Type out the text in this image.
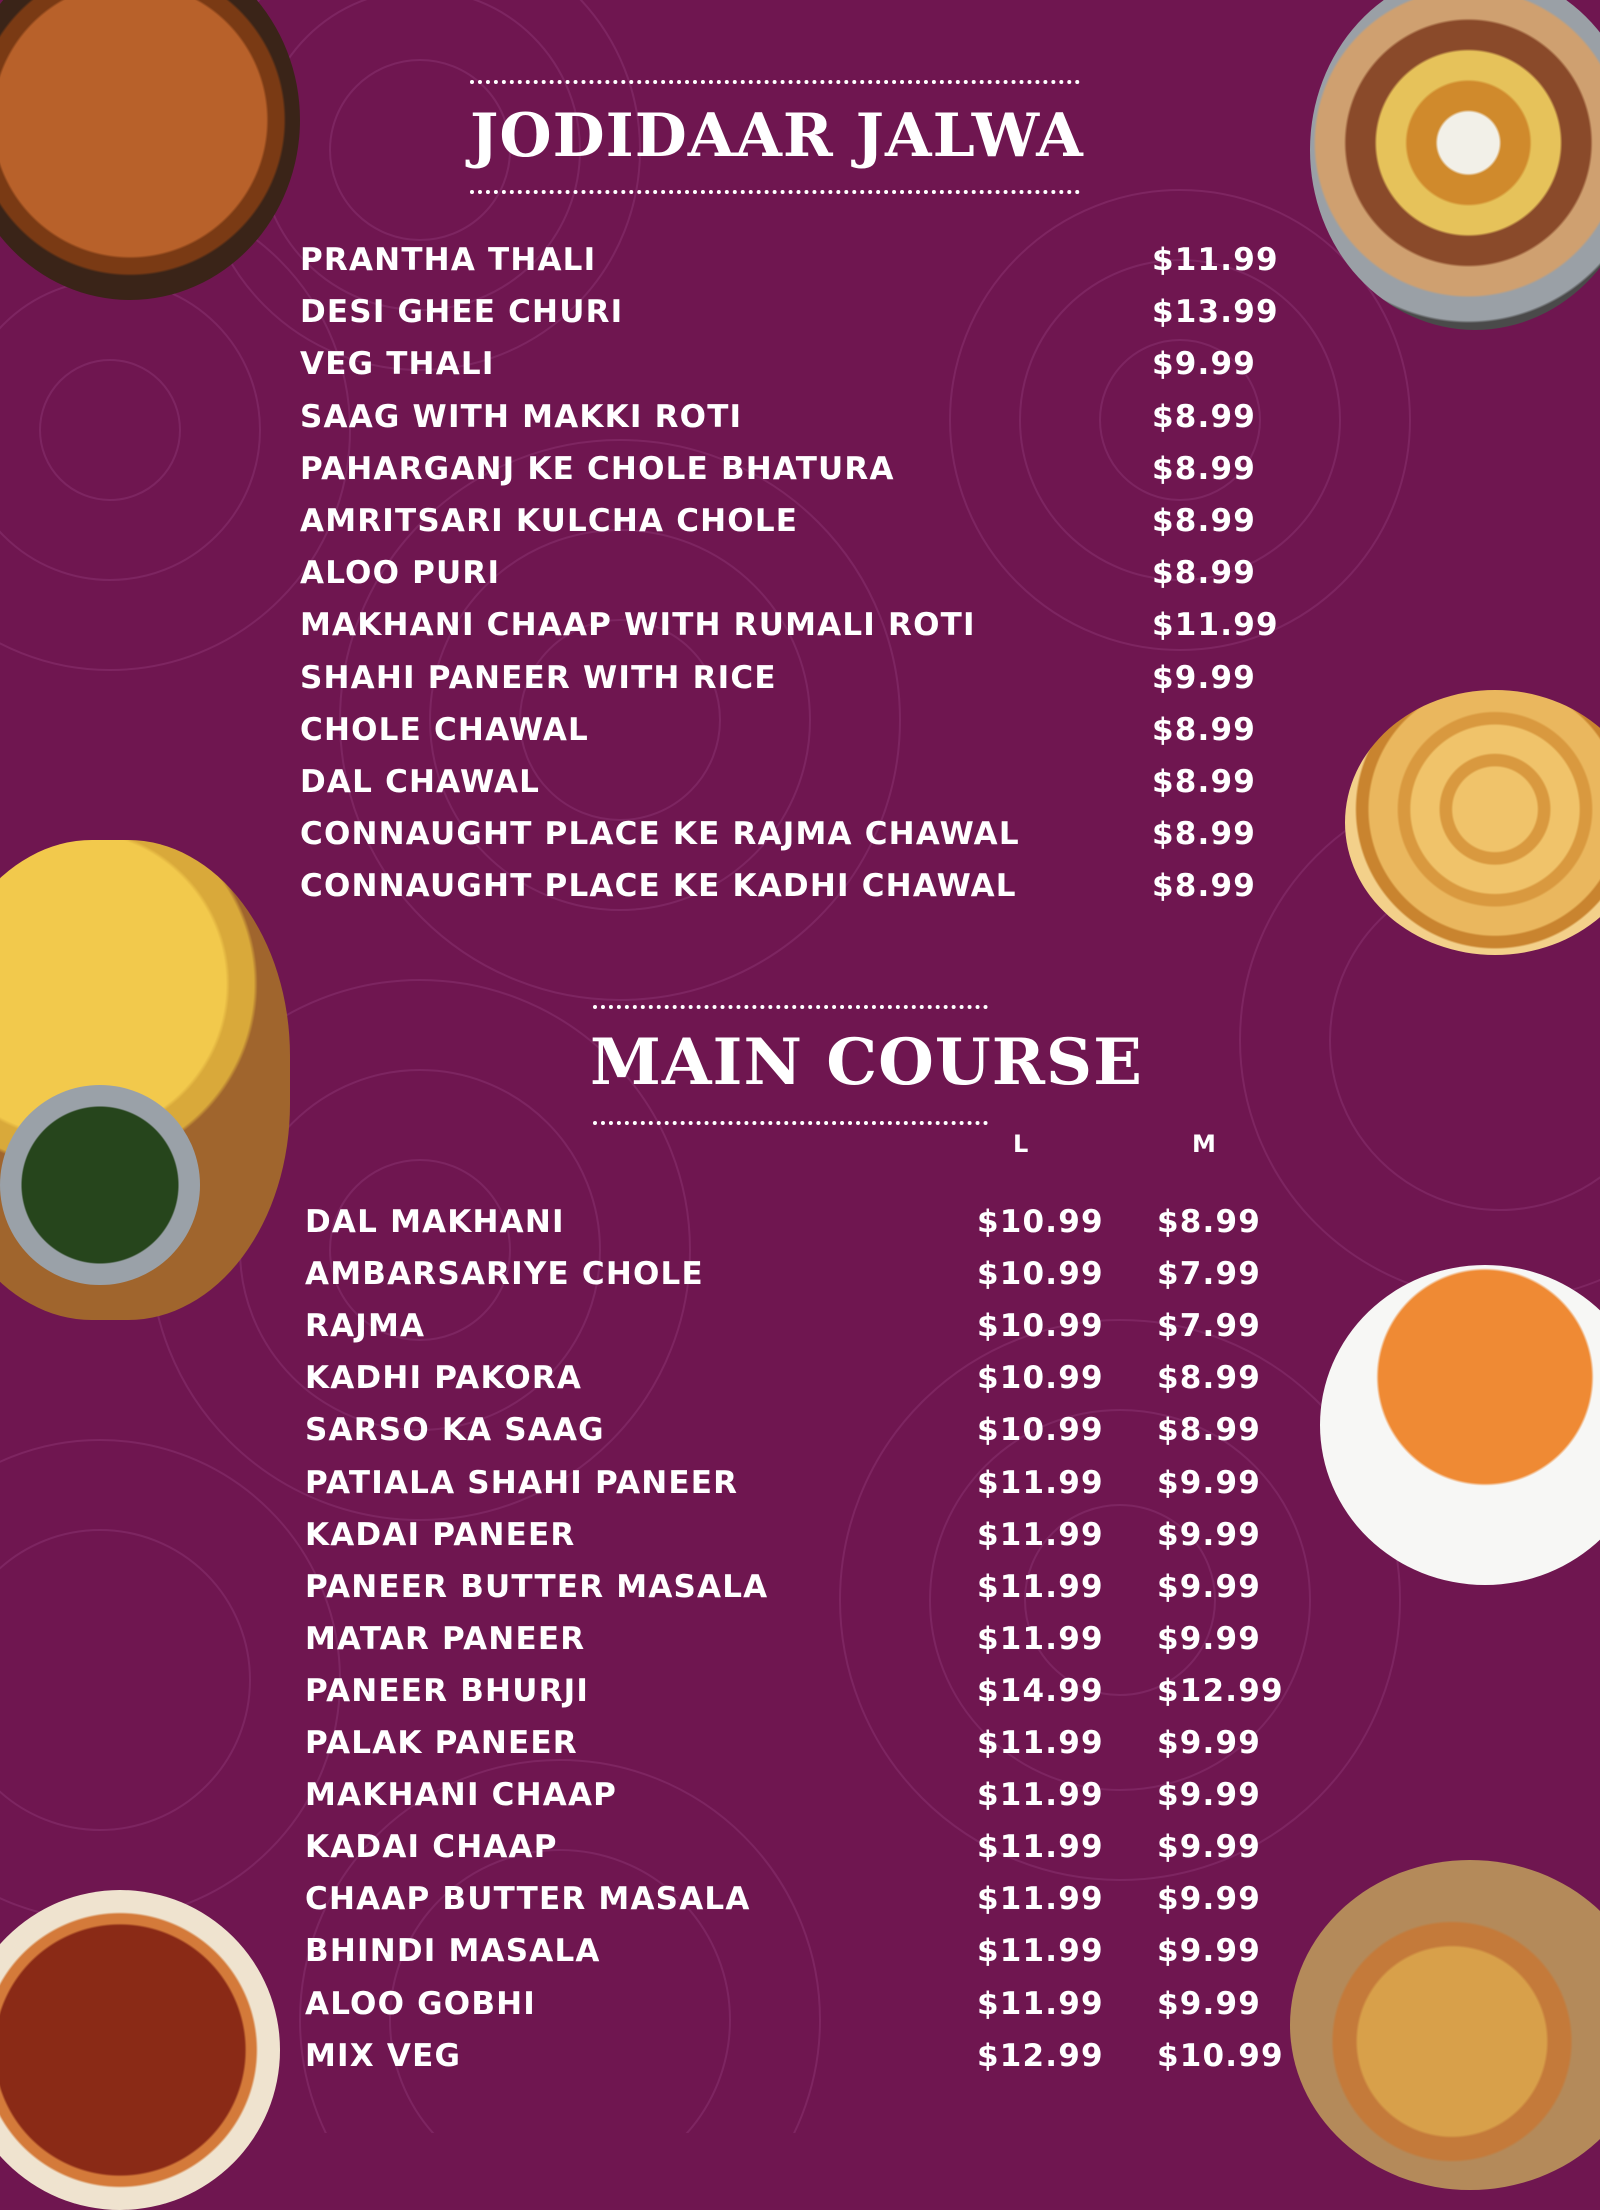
JODIDAAR JALWA
PRANTHA THALI	$11.99
DESI GHEE CHURI	$13.99
VEG THALI	$9.99
SAAG WITH MAKKI ROTI	$8.99
PAHARGANJ KE CHOLE BHATURA	$8.99
AMRITSARI KULCHA CHOLE	$8.99
ALOO PURI	$8.99
MAKHANI CHAAP WITH RUMALI ROTI	$11.99
SHAHI PANEER WITH RICE	$9.99
CHOLE CHAWAL	$8.99
DAL CHAWAL	$8.99
CONNAUGHT PLACE KE RAJMA CHAWAL	$8.99
CONNAUGHT PLACE KE KADHI CHAWAL	$8.99
MAIN COURSE
L	M
DAL MAKHANI	$10.99 $8.99
AMBARSARIYE CHOLE	$10.99 $7.99
RAJMA	$10.99 $7.99
KADHI PAKORA	$10.99 $8.99
SARSO KA SAAG	$10.99 $8.99
PATIALA SHAHI PANEER	$11.99 $9.99
KADAI PANEER	$11.99 $9.99
PANEER BUTTER MASALA	$11.99 $9.99
MATAR PANEER	$11.99 $9.99
PANEER BHURJI	$14.99 $12.99
PALAK PANEER	$11.99 $9.99
MAKHANI CHAAP	$11.99 $9.99
KADAI CHAAP	$11.99 $9.99
CHAAP BUTTER MASALA	$11.99 $9.99
BHINDI MASALA	$11.99 $9.99
ALOO GOBHI	$11.99 $9.99
MIX VEG	$12.99 $10.99
